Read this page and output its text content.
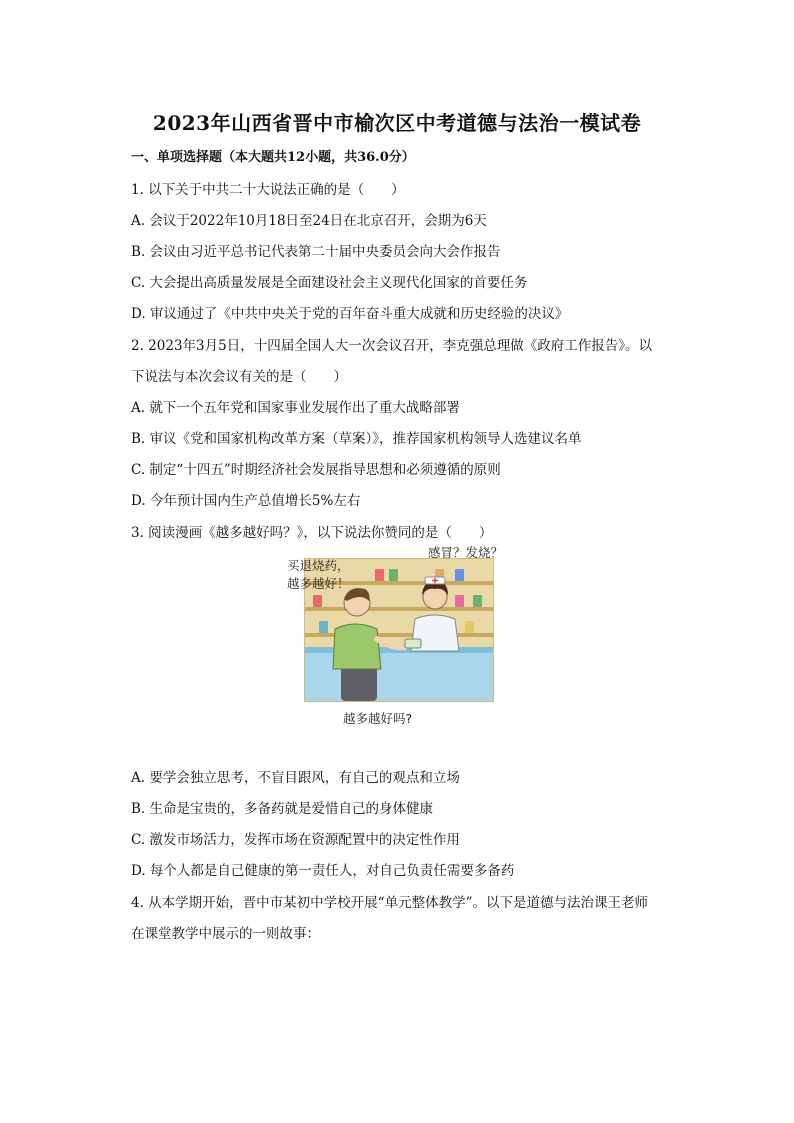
2023年山西省晋中市榆次区中考道德与法治一模试卷
一、单项选择题（本大题共12小题，共36.0分）
1. 以下关于中共二十大说法正确的是（　　）
A. 会议于2022年10月18日至24日在北京召开，会期为6天
B. 会议由习近平总书记代表第二十届中央委员会向大会作报告
C. 大会提出高质量发展是全面建设社会主义现代化国家的首要任务
D. 审议通过了《中共中央关于党的百年奋斗重大成就和历史经验的决议》
2. 2023年3月5日，十四届全国人大一次会议召开，李克强总理做《政府工作报告》。以
下说法与本次会议有关的是（　　）
A. 就下一个五年党和国家事业发展作出了重大战略部署
B. 审议《党和国家机构改革方案（草案）》，推荐国家机构领导人选建议名单
C. 制定“十四五”时期经济社会发展指导思想和必须遵循的原则
D. 今年预计国内生产总值增长5%左右
3. 阅读漫画《越多越好吗？》，以下说法你赞同的是（　　）
买退烧药，
越多越好！
感冒？发烧？
越多越好吗?
A. 要学会独立思考，不盲目跟风，有自己的观点和立场
B. 生命是宝贵的，多备药就是爱惜自己的身体健康
C. 激发市场活力，发挥市场在资源配置中的决定性作用
D. 每个人都是自己健康的第一责任人，对自己负责任需要多备药
4. 从本学期开始，晋中市某初中学校开展“单元整体教学”。以下是道德与法治课王老师
在课堂教学中展示的一则故事：
